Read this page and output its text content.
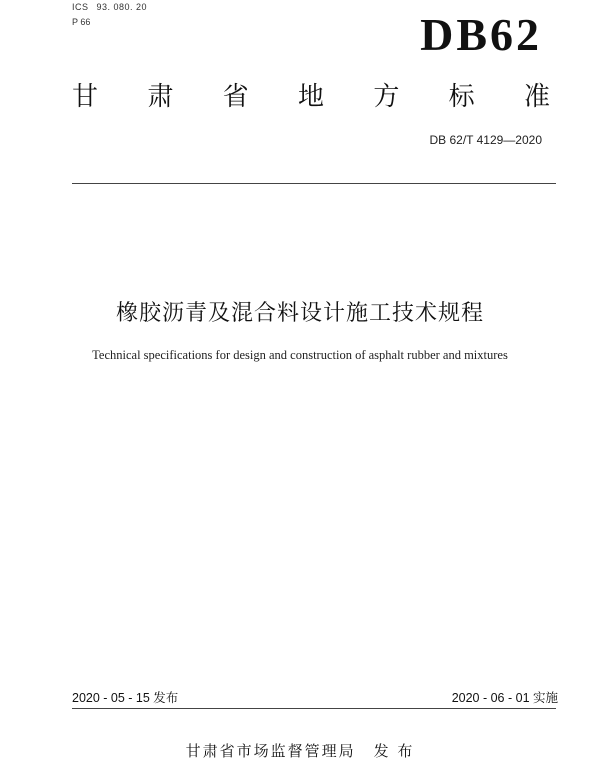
ICS 93. 080. 20
P 66	DB62
甘 肃 省 地 方 标 准
DB 62/T 4129—2020
橡胶沥青及混合料设计施工技术规程
Technical specifications for design and construction of asphalt rubber and mixtures
2020 - 05 - 15 发布	2020 - 06 - 01 实施
甘肃省市场监督管理局 发 布
